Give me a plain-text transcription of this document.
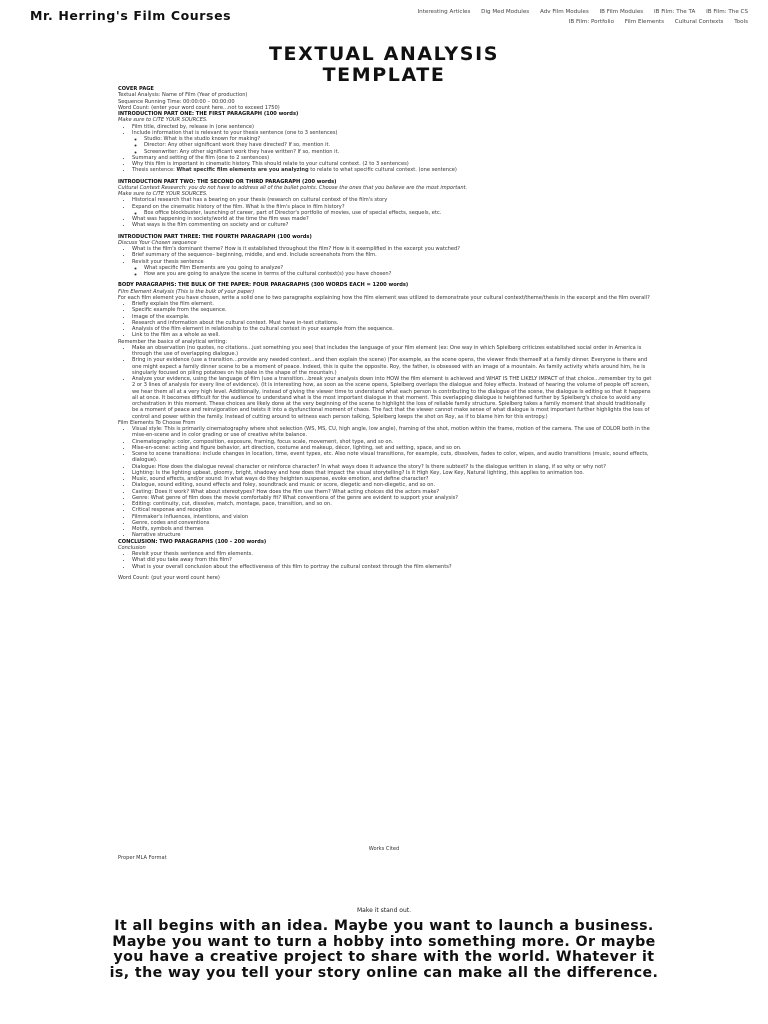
Mr. Herring's Film Courses	Interesting Articles Dig Med Modules Adv Film Modules IB Film Modules IB Film: The TA IB Film: The CS
IB Film: Portfolio Film Elements Cultural Contexts Tools
TEXTUAL ANALYSIS
TEMPLATE

COVER PAGE

Textual Analysis: Name of Film (Year of production)

Sequence Running Time: 00:00:00 – 00:00:00

Word Count: (enter your word count here…not to exceed 1750)

INTRODUCTION PART ONE: THE FIRST PARAGRAPH (100 words)

Make sure to CITE YOUR SOURCES.

• Film title, directed by, release in (one sentence)
• Include information that is relevant to your thesis sentence (one to 3 sentences)
◦ Studio: What is the studio known for making?
◦ Director: Any other significant work they have directed? If so, mention it.
◦ Screenwriter: Any other significant work they have written? If so, mention it.
• Summary and setting of the film (one to 2 sentences)
• Why this film is important in cinematic history. This should relate to your cultural context. (2 to 3 sentences)
• Thesis sentence: What specific film elements are you analyzing to relate to what specific cultural context. (one sentence)

INTRODUCTION PART TWO: THE SECOND OR THIRD PARAGRAPH (200 words)

Cultural Context Research: you do not have to address all of the bullet points. Choose the ones that you believe are the most important.

Make sure to CITE YOUR SOURCES.

• Historical research that has a bearing on your thesis (research on cultural context of the film's story
• Expand on the cinematic history of the film. What is the film's place in film history?
◦ Box office blockbuster, launching of career, part of Director's portfolio of movies, use of special effects, sequels, etc.
• What was happening in society/world at the time the film was made?
• What ways is the film commenting on society and or culture?

INTRODUCTION PART THREE: THE FOURTH PARAGRAPH (100 words)

Discuss Your Chosen sequence

• What is the film's dominant theme? How is it established throughout the film? How is it exemplified in the excerpt you watched?
• Brief summary of the sequence– beginning, middle, and end. Include screenshots from the film.
• Revisit your thesis sentence
◦ What specific Film Elements are you going to analyze?
◦ How are you are going to analyze the scene in terms of the cultural context(s) you have chosen?

BODY PARAGRAPHS: THE BULK OF THE PAPER: FOUR PARAGRAPHS (300 WORDS EACH = 1200 words)

Film Element Analysis (This is the bulk of your paper)

For each film element you have chosen, write a solid one to two paragraphs explaining how the film element was utilized to demonstrate your cultural context/theme/thesis in the excerpt and the film overall?

• Briefly explain the film element.
• Specific example from the sequence.
• Image of the example.
• Research and information about the cultural context. Must have in-text citations.
• Analysis of the film element in relationship to the cultural context in your example from the sequence.
• Link to the film as a whole as well.

Remember the basics of analytical writing:

• Make an observation (no quotes, no citations…just something you see) that includes the language of your film element (ex: One way in which Spielberg criticizes established social order in America is through the use of overlapping dialogue.)
• Bring in your evidence (use a transition…provide any needed context…and then explain the scene) (For example, as the scene opens, the viewer finds themself at a family dinner. Everyone is there and one might expect a family dinner scene to be a moment of peace. Indeed, this is quite the opposite. Roy, the father, is obsessed with an image of a mountain. As family activity whirls around him, he is singularly focused on piling potatoes on his plate in the shape of the mountain.)
• Analyze your evidence, using the language of film (use a transition…break your analysis down into HOW the film element is achieved and WHAT IS THE LIKELY IMPACT of that choice…remember try to get 2 or 3 lines of analysis for every line of evidence). (It is interesting how, as soon as the scene opens, Spielberg overlaps the dialogue and foley effects. Instead of hearing the volume of people off screen, we hear them all at a very high level. Additionally, instead of giving the viewer time to understand what each person is contributing to the dialogue of the scene, the dialogue is editing so that it happens all at once. It becomes difficult for the audience to understand what is the most important dialogue in that moment. This overlapping dialogue is heightened further by Spielberg's choice to avoid any orchestration in this moment. These choices are likely done at the very beginning of the scene to highlight the loss of reliable family structure. Spielberg takes a family moment that should traditionally be a moment of peace and reinvigoration and twists it into a dysfunctional moment of chaos. The fact that the viewer cannot make sense of what dialogue is most important further highlights the loss of control and power within the family. Instead of cutting around to witness each person talking, Spielberg keeps the shot on Roy, as if to blame him for this entropy.)

Film Elements To Choose From

• Visual style: This is primarily cinematography where shot selection (WS, MS, CU, high angle, low angle), framing of the shot, motion within the frame, motion of the camera. The use of COLOR both in the mise-en-scene and in color grading or use of creative white balance.
• Cinematography: color, composition, exposure, framing, focus scale, movement, shot type, and so on.
• Mise-en-scene: acting and figure behavior, art direction, costume and makeup, décor, lighting, set and setting, space, and so on.
• Scene to scene transitions: include changes in location, time, event types, etc. Also note visual transitions, for example, cuts, dissolves, fades to color, wipes, and audio transitions (music, sound effects, dialogue).
• Dialogue: How does the dialogue reveal character or reinforce character? In what ways does it advance the story? Is there subtext? Is the dialogue written in slang, if so why or why not?
• Lighting: Is the lighting upbeat, gloomy, bright, shadowy and how does that impact the visual storytelling? Is it High Key, Low Key, Natural lighting, this applies to animation too.
• Music, sound effects, and/or sound: In what ways do they heighten suspense, evoke emotion, and define character?
• Dialogue, sound editing, sound effects and foley, soundtrack and music or score, diegetic and non-diegetic, and so on.
• Casting: Does it work? What about stereotypes? How does the film use them? What acting choices did the actors make?
• Genre: What genre of film does the movie comfortably fit? What conventions of the genre are evident to support your analysis?
• Editing: continuity, cut, dissolve, match, montage, pace, transition, and so on.
• Critical response and reception
• Filmmaker's influences, intentions, and vision
• Genre, codes and conventions
• Motifs, symbols and themes
• Narrative structure

CONCLUSION: TWO PARAGRAPHS (100 – 200 words)

Conclusion

• Revisit your thesis sentence and film elements.
• What did you take away from this film?
• What is your overall conclusion about the effectiveness of this film to portray the cultural context through the film elements?

Word Count: (put your word count here)

Works Cited
Proper MLA Format
Make it stand out.
It all begins with an idea. Maybe you want to launch a business. Maybe you want to turn a hobby into something more. Or maybe you have a creative project to share with the world. Whatever it is, the way you tell your story online can make all the difference.
